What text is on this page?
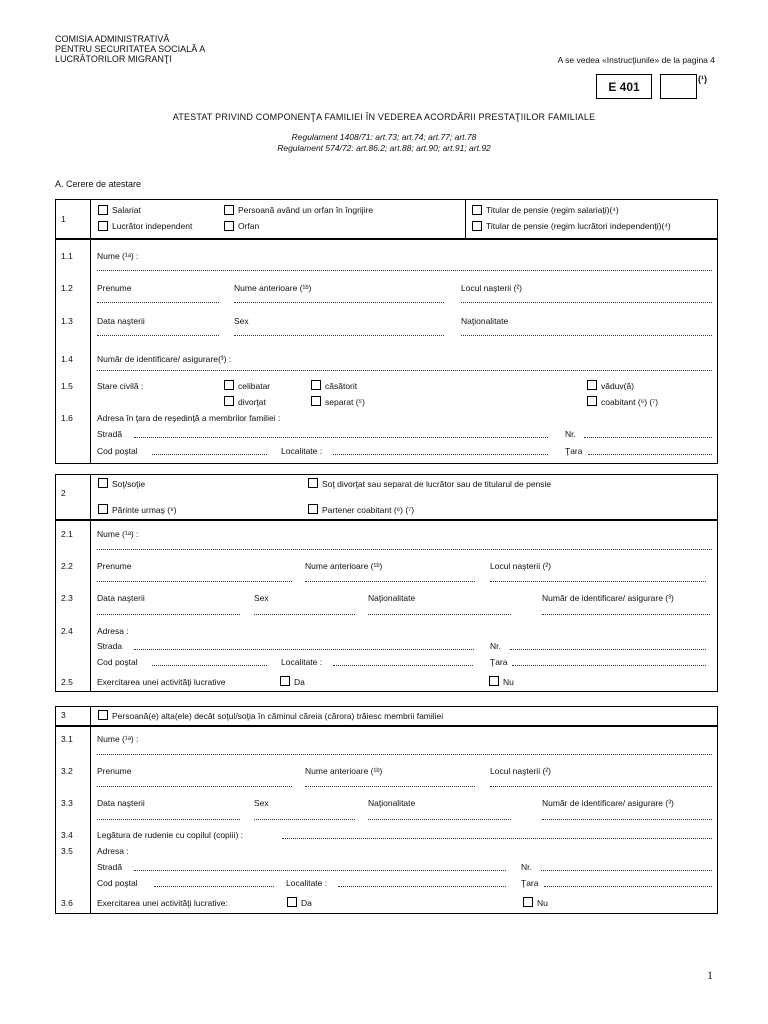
COMISIA ADMINISTRATIVĂ
PENTRU SECURITATEA SOCIALĂ A
LUCRĂTORILOR MIGRANŢI	A se vedea «Instrucţiunile» de la pagina 4
E 401
(¹)
ATESTAT PRIVIND COMPONENŢA FAMILIEI ÎN VEDEREA ACORDĂRII PRESTAŢIILOR FAMILIALE
Regulament 1408/71: art.73; art.74; art.77; art.78
Regulament 574/72: art.86.2; art.88; art.90; art.91; art.92
A. Cerere de atestare
1
Salariat
Lucrător independent
Persoană având un orfan în îngrijire
Orfan
Titular de pensie (regim salariaţi)(⁴)
Titular de pensie (regim lucrători independenţi)(⁴)
1.1	Nume (¹ᵃ) :
1.2	Prenume	Nume anterioare (¹ᵇ)	Locul naşterii (²)
1.3	Data naşterii	Sex	Naţionalitate
1.4	Număr de identificare/ asigurare(³) :
1.5	Stare civilă :	celibatar	căsătorit	văduv(ă)
divorţat	separat (⁵)	coabitant (⁶) (⁷)
1.6	Adresa în ţara de reşedinţă a membrilor familiei :
Stradă	Nr.
Cod poştal	Localitate :	Ţara
2
Soţ/soţie	Soţ divorţat sau separat de lucrător sau de titularul de pensie
Părinte urmaş (⁸)	Partener coabitant (⁶) (⁷)
2.1	Nume (¹ᵃ) :
2.2	Prenume	Nume anterioare (¹ᵇ)	Locul naşterii (²)
2.3	Data naşterii	Sex	Naţionalitate	Număr de identificare/ asigurare (³)
2.4	Adresa :
Strada	Nr.
Cod poştal	Localitate :	Ţara
2.5	Exercitarea unei activităţi lucrative	Da	Nu
3	Persoană(e) alta(ele) decât soţul/soţia în căminul căreia (cărora) trăiesc membrii familiei
3.1	Nume (¹ᵃ) :
3.2	Prenume	Nume anterioare (¹ᵇ)	Locul naşterii (²)
3.3	Data naşterii	Sex	Naţionalitate	Număr de identificare/ asigurare (³)
3.4	Legătura de rudenie cu copilul (copiii) :
3.5	Adresa :
Stradă	Nr.
Cod poştal	Localitate :	Ţara
3.6	Exercitarea unei activităţi lucrative:	Da	Nu
1
